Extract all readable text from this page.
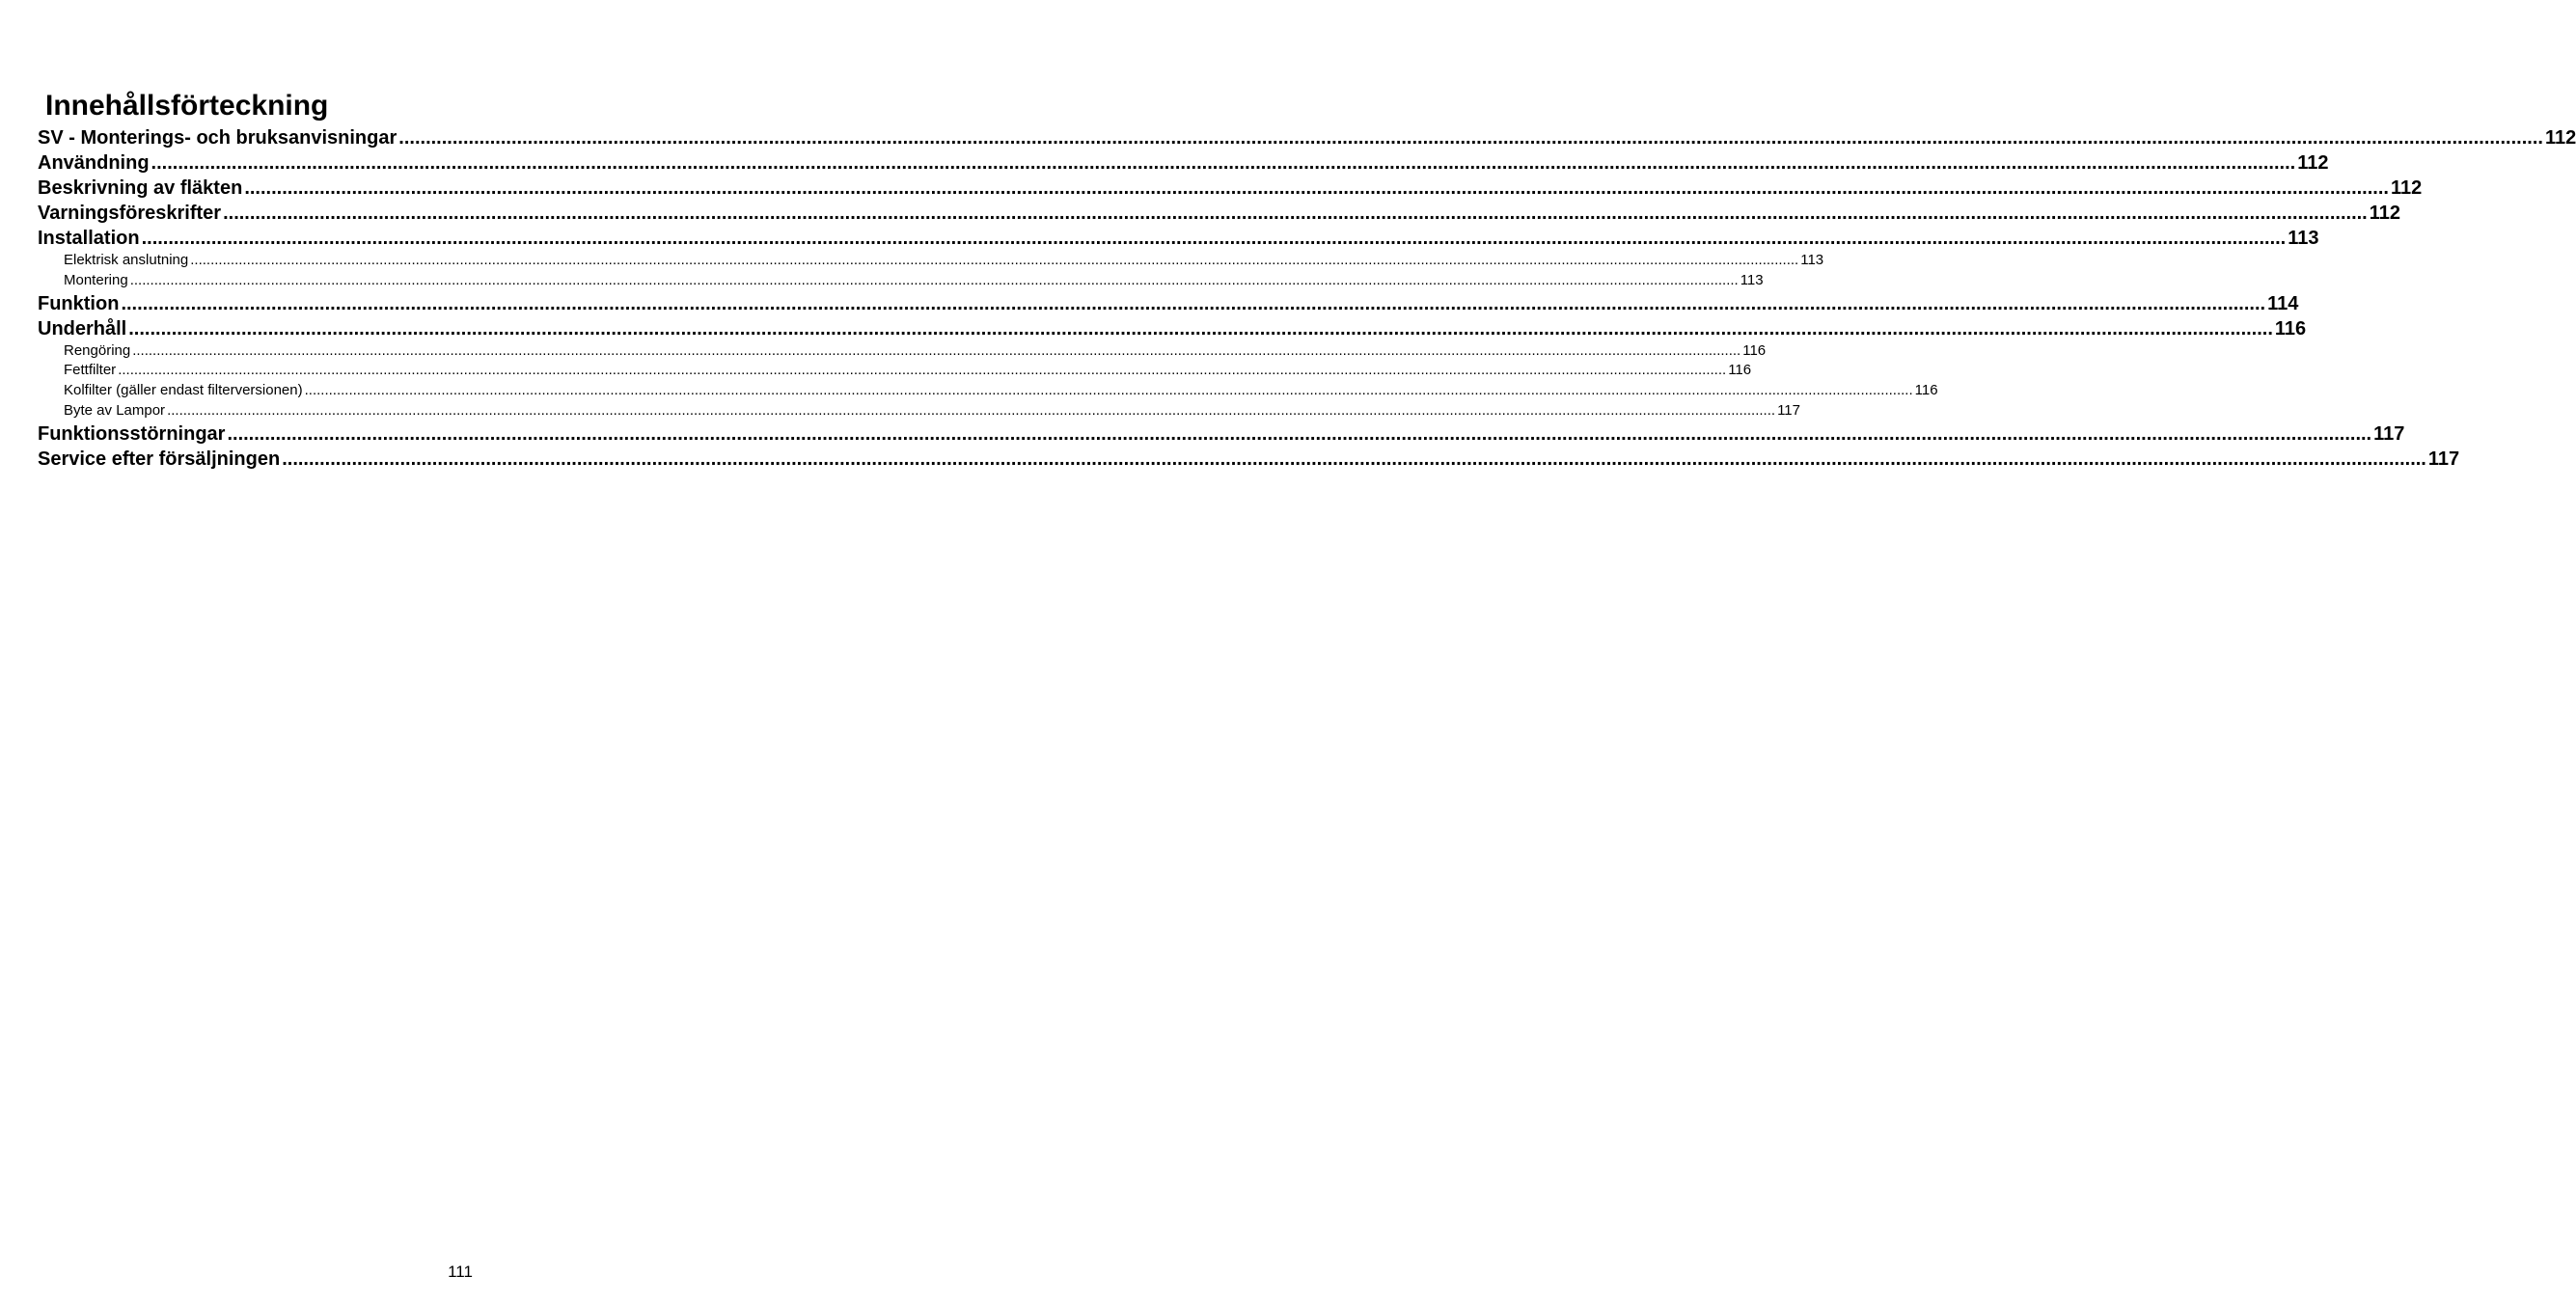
Innehållsförteckning
SV - Monterings- och bruksanvisningar ................................................................................................................................................................................................................................................................................................................................................................................................................ 112
Användning ................................................................................................................................................................................................................................................................................................................................................................................................................ 112
Beskrivning av fläkten ................................................................................................................................................................................................................................................................................................................................................................................................................ 112
Varningsföreskrifter ................................................................................................................................................................................................................................................................................................................................................................................................................ 112
Installation ................................................................................................................................................................................................................................................................................................................................................................................................................ 113
Elektrisk anslutning ................................................................................................................................................................................................................................................................................................................................................................................................................ 113
Montering ................................................................................................................................................................................................................................................................................................................................................................................................................ 113
Funktion ................................................................................................................................................................................................................................................................................................................................................................................................................ 114
Underhåll ................................................................................................................................................................................................................................................................................................................................................................................................................ 116
Rengöring ................................................................................................................................................................................................................................................................................................................................................................................................................ 116
Fettfilter ................................................................................................................................................................................................................................................................................................................................................................................................................ 116
Kolfilter (gäller endast filterversionen) ................................................................................................................................................................................................................................................................................................................................................................................................................ 116
Byte av Lampor ................................................................................................................................................................................................................................................................................................................................................................................................................ 117
Funktionsstörningar ................................................................................................................................................................................................................................................................................................................................................................................................................ 117
Service efter försäljningen ................................................................................................................................................................................................................................................................................................................................................................................................................ 117
111
